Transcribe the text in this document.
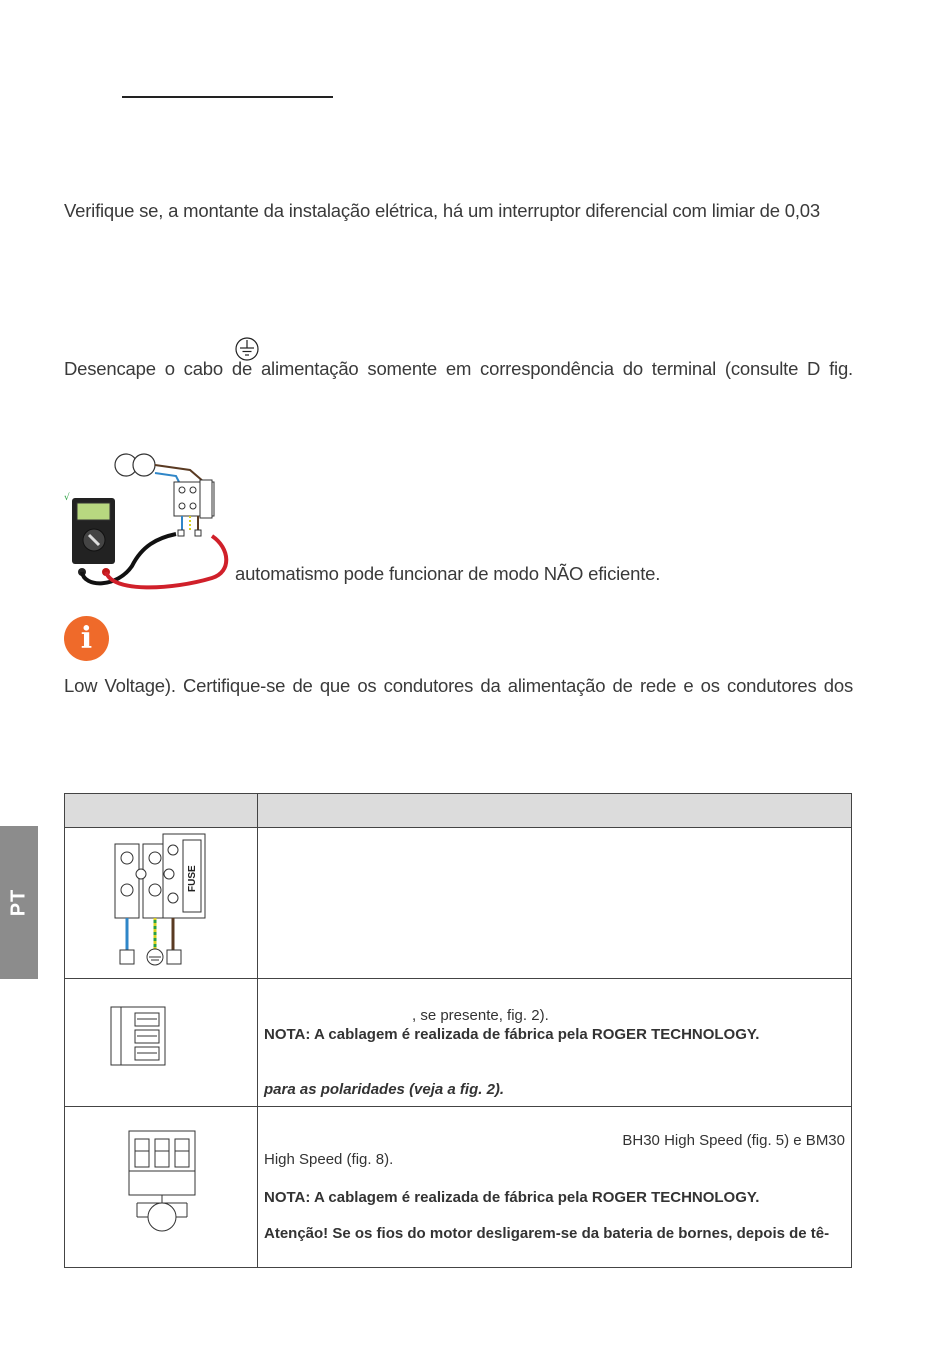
Verifique se, a montante da instalação elétrica, há um interruptor diferencial com limiar de 0,03
Desencape o cabo de alimentação somente em correspondência do terminal (consulte D fig.
√
automatismo pode funcionar de modo NÃO eficiente.
i
Low Voltage). Certifique-se de que os condutores da alimentação de rede e os condutores dos
PT

FUSE	

, se presente, fig. 2).
NOTA: A cablagem é realizada de fábrica pela ROGER TECHNOLOGY.
para as polaridades (veja a fig. 2).

BH30 High Speed (fig. 5) e BM30
High Speed (fig. 8).
NOTA: A cablagem é realizada de fábrica pela ROGER TECHNOLOGY.
Atenção! Se os fios do motor desligarem-se da bateria de bornes, depois de tê-
